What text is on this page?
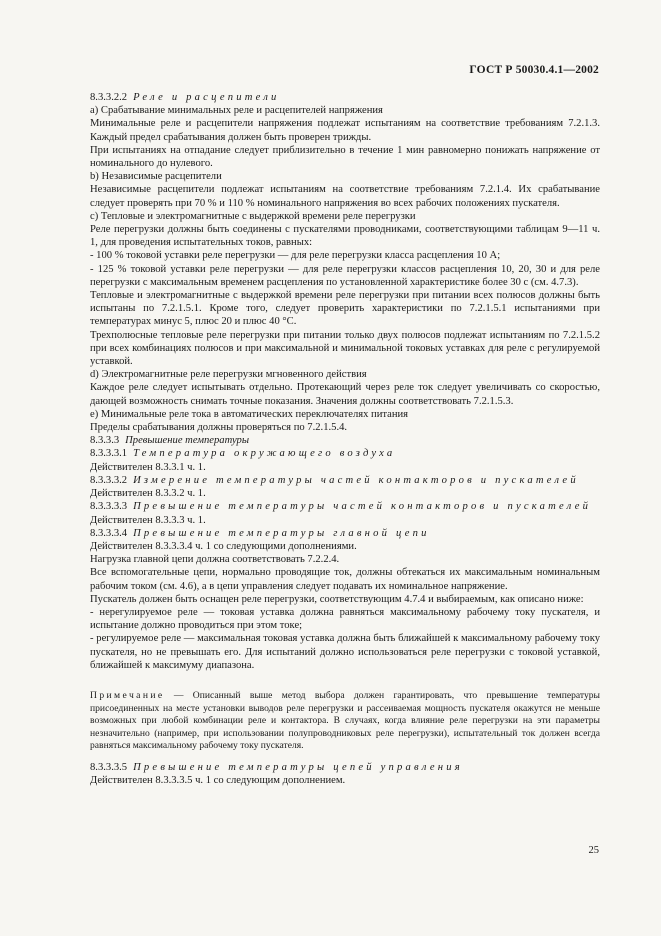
ГОСТ Р 50030.4.1—2002
8.3.3.2.2 Реле и расцепители
а) Срабатывание минимальных реле и расцепителей напряжения
Минимальные реле и расцепители напряжения подлежат испытаниям на соответствие требованиям 7.2.1.3. Каждый предел срабатывания должен быть проверен трижды.
При испытаниях на отпадание следует приблизительно в течение 1 мин равномерно понижать напряжение от номинального до нулевого.
b) Независимые расцепители
Независимые расцепители подлежат испытаниям на соответствие требованиям 7.2.1.4. Их срабатывание следует проверять при 70 % и 110 % номинального напряжения во всех рабочих положениях пускателя.
с) Тепловые и электромагнитные с выдержкой времени реле перегрузки
Реле перегрузки должны быть соединены с пускателями проводниками, соответствующими таблицам 9—11 ч. 1, для проведения испытательных токов, равных:
- 100 % токовой уставки реле перегрузки — для реле перегрузки класса расцепления 10 А;
- 125 % токовой уставки реле перегрузки — для реле перегрузки классов расцепления 10, 20, 30 и для реле перегрузки с максимальным временем расцепления по установленной характеристике более 30 с (см. 4.7.3).
Тепловые и электромагнитные с выдержкой времени реле перегрузки при питании всех полюсов должны быть испытаны по 7.2.1.5.1. Кроме того, следует проверить характеристики по 7.2.1.5.1 испытаниями при температурах минус 5, плюс 20 и плюс 40 °С.
Трехполюсные тепловые реле перегрузки при питании только двух полюсов подлежат испытаниям по 7.2.1.5.2 при всех комбинациях полюсов и при максимальной и минимальной токовых уставках для реле с регулируемой уставкой.
d) Электромагнитные реле перегрузки мгновенного действия
Каждое реле следует испытывать отдельно. Протекающий через реле ток следует увеличивать со скоростью, дающей возможность снимать точные показания. Значения должны соответствовать 7.2.1.5.3.
е) Минимальные реле тока в автоматических переключателях питания
Пределы срабатывания должны проверяться по 7.2.1.5.4.
8.3.3.3 Превышение температуры
8.3.3.3.1 Температура окружающего воздуха
Действителен 8.3.3.1 ч. 1.
8.3.3.3.2 Измерение температуры частей контакторов и пускателей
Действителен 8.3.3.2 ч. 1.
8.3.3.3.3 Превышение температуры частей контакторов и пускателей
Действителен 8.3.3.3 ч. 1.
8.3.3.3.4 Превышение температуры главной цепи
Действителен 8.3.3.3.4 ч. 1 со следующими дополнениями.
Нагрузка главной цепи должна соответствовать 7.2.2.4.
Все вспомогательные цепи, нормально проводящие ток, должны обтекаться их максимальным номинальным рабочим током (см. 4.6), а в цепи управления следует подавать их номинальное напряжение.
Пускатель должен быть оснащен реле перегрузки, соответствующим 4.7.4 и выбираемым, как описано ниже:
- нерегулируемое реле — токовая уставка должна равняться максимальному рабочему току пускателя, и испытание должно проводиться при этом токе;
- регулируемое реле — максимальная токовая уставка должна быть ближайшей к максимальному рабочему току пускателя, но не превышать его. Для испытаний должно использоваться реле перегрузки с токовой уставкой, ближайшей к максимуму диапазона.
Примечание — Описанный выше метод выбора должен гарантировать, что превышение температуры присоединенных на месте установки выводов реле перегрузки и рассеиваемая мощность пускателя окажутся не меньше возможных при любой комбинации реле и контактора. В случаях, когда влияние реле перегрузки на эти параметры незначительно (например, при использовании полупроводниковых реле перегрузки), испытательный ток должен всегда равняться максимальному рабочему току пускателя.
8.3.3.3.5 Превышение температуры цепей управления
Действителен 8.3.3.3.5 ч. 1 со следующим дополнением.
25
